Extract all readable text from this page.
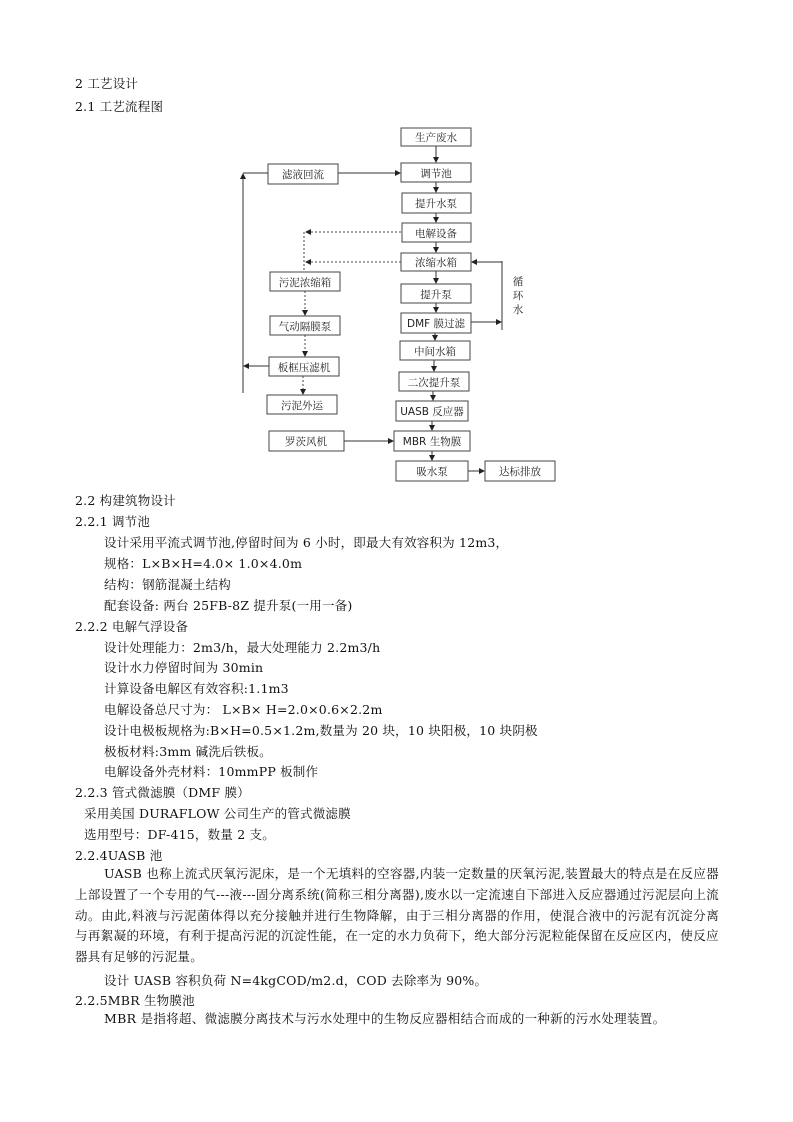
2 工艺设计
2.1 工艺流程图
生产废水
调节池
提升水泵
电解设备
浓缩水箱
提升泵
DMF 膜过滤
中间水箱
二次提升泵
UASB 反应器
MBR 生物膜
吸水泵	达标排放
滤液回流
污泥浓缩箱
气动隔膜泵
板框压滤机
污泥外运
罗茨风机
循
环
水
2.2 构建筑物设计
2.2.1 调节池
设计采用平流式调节池,停留时间为 6 小时，即最大有效容积为 12m3，
规格：L×B×H=4.0× 1.0×4.0m
结构：钢筋混凝土结构
配套设备: 两台 25FB-8Z 提升泵(一用一备)
2.2.2 电解气浮设备
设计处理能力：2m3/h，最大处理能力 2.2m3/h
设计水力停留时间为 30min
计算设备电解区有效容积:1.1m3
电解设备总尺寸为： L×B× H=2.0×0.6×2.2m
设计电极板规格为:B×H=0.5×1.2m,数量为 20 块，10 块阳极，10 块阴极
极板材料:3mm 碱洗后铁板。
电解设备外壳材料：10mmPP 板制作
2.2.3 管式微滤膜（DMF 膜）
采用美国 DURAFLOW 公司生产的管式微滤膜
选用型号：DF-415，数量 2 支。
2.2.4UASB 池
UASB 也称上流式厌氧污泥床，是一个无填料的空容器,内装一定数量的厌氧污泥,装置最大的特点是在反应器上部设置了一个专用的气---液---固分离系统(简称三相分离器),废水以一定流速自下部进入反应器通过污泥层向上流动。由此,料液与污泥菌体得以充分接触并进行生物降解，由于三相分离器的作用，使混合液中的污泥有沉淀分离与再絮凝的环境，有利于提高污泥的沉淀性能，在一定的水力负荷下，绝大部分污泥粒能保留在反应区内，使反应器具有足够的污泥量。
设计 UASB 容积负荷 N=4kgCOD/m2.d，COD 去除率为 90%。
2.2.5MBR 生物膜池
MBR 是指将超、微滤膜分离技术与污水处理中的生物反应器相结合而成的一种新的污水处理装置。
